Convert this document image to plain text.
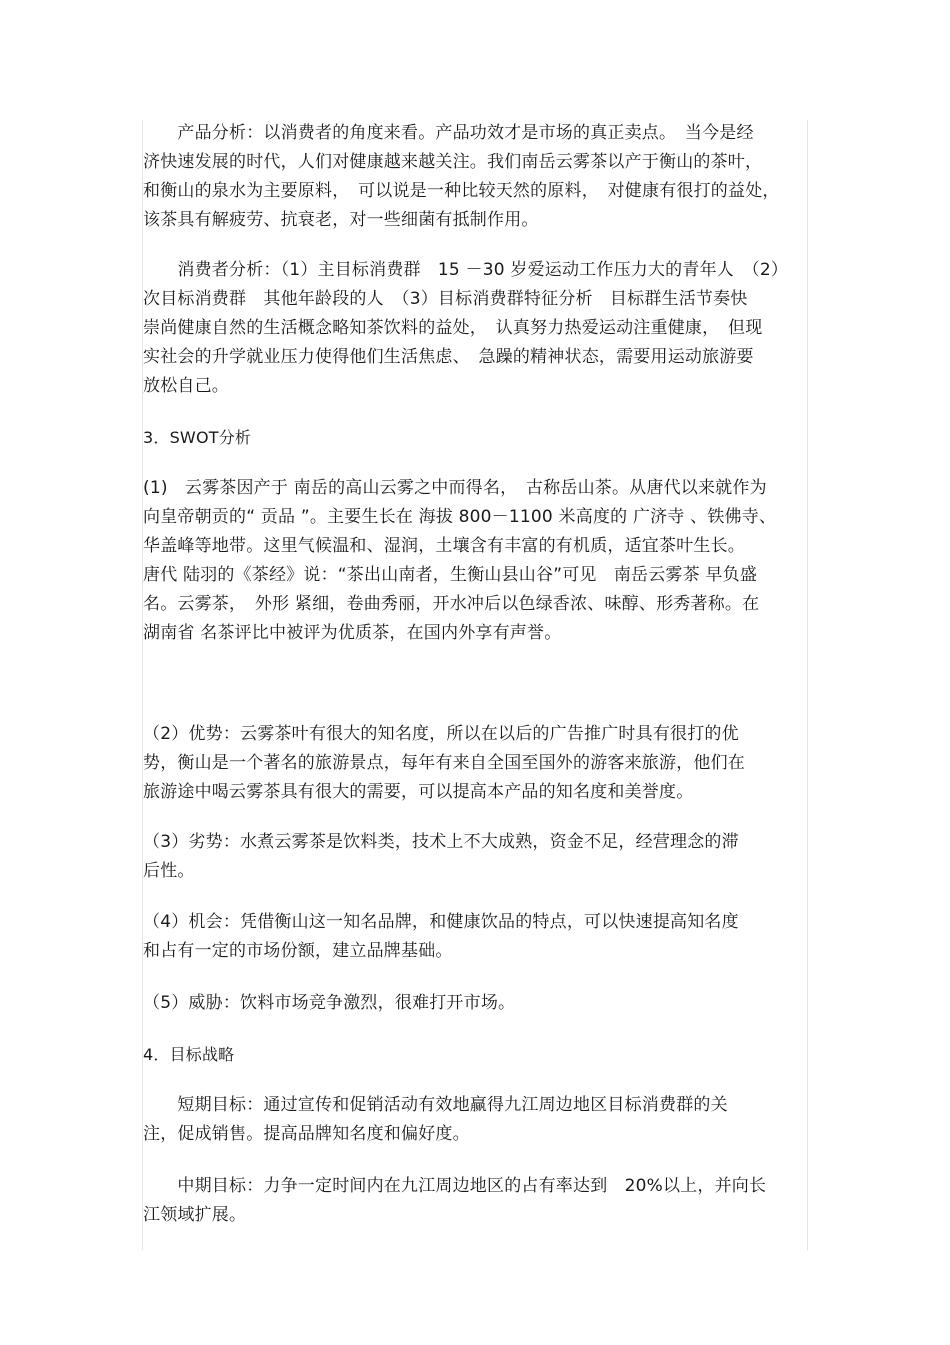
　　产品分析：以消费者的角度来看。产品功效才是市场的真正卖点。　当今是经
济快速发展的时代，人们对健康越来越关注。我们南岳云雾茶以产于衡山的茶叶，
和衡山的泉水为主要原料，　可以说是一种比较天然的原料，　对健康有很打的益处，
该茶具有解疲劳、抗衰老，对一些细菌有抵制作用。
　　消费者分析：（1）主目标消费群　15 －30 岁爱运动工作压力大的青年人　（2）
次目标消费群　其他年龄段的人　（3）目标消费群特征分析　目标群生活节奏快
崇尚健康自然的生活概念略知茶饮料的益处，　认真努力热爱运动注重健康，　但现
实社会的升学就业压力使得他们生活焦虑、　急躁的精神状态，需要用运动旅游要
放松自己。
3．SWOT分析
(1)　云雾茶因产于 南岳的高山云雾之中而得名，　古称岳山茶。从唐代以来就作为
向皇帝朝贡的“ 贡品 ”。主要生长在 海拔 800－1100 米高度的 广济寺 、铁佛寺、
华盖峰等地带。这里气候温和、湿润，土壤含有丰富的有机质，适宜茶叶生长。
唐代 陆羽的《茶经》说：“茶出山南者，生衡山县山谷”可见　南岳云雾茶 早负盛
名。云雾茶，　外形 紧细，卷曲秀丽，开水冲后以色绿香浓、味醇、形秀著称。在
湖南省 名茶评比中被评为优质茶，在国内外享有声誉。
（2）优势：云雾茶叶有很大的知名度，所以在以后的广告推广时具有很打的优
势，衡山是一个著名的旅游景点，每年有来自全国至国外的游客来旅游，他们在
旅游途中喝云雾茶具有很大的需要，可以提高本产品的知名度和美誉度。
（3）劣势：水煮云雾茶是饮料类，技术上不大成熟，资金不足，经营理念的滞
后性。
（4）机会：凭借衡山这一知名品牌，和健康饮品的特点，可以快速提高知名度
和占有一定的市场份额，建立品牌基础。
（5）威胁：饮料市场竞争激烈，很难打开市场。
4．目标战略
　　短期目标：通过宣传和促销活动有效地赢得九江周边地区目标消费群的关
注，促成销售。提高品牌知名度和偏好度。
　　中期目标：力争一定时间内在九江周边地区的占有率达到　20%以上，并向长
江领域扩展。
